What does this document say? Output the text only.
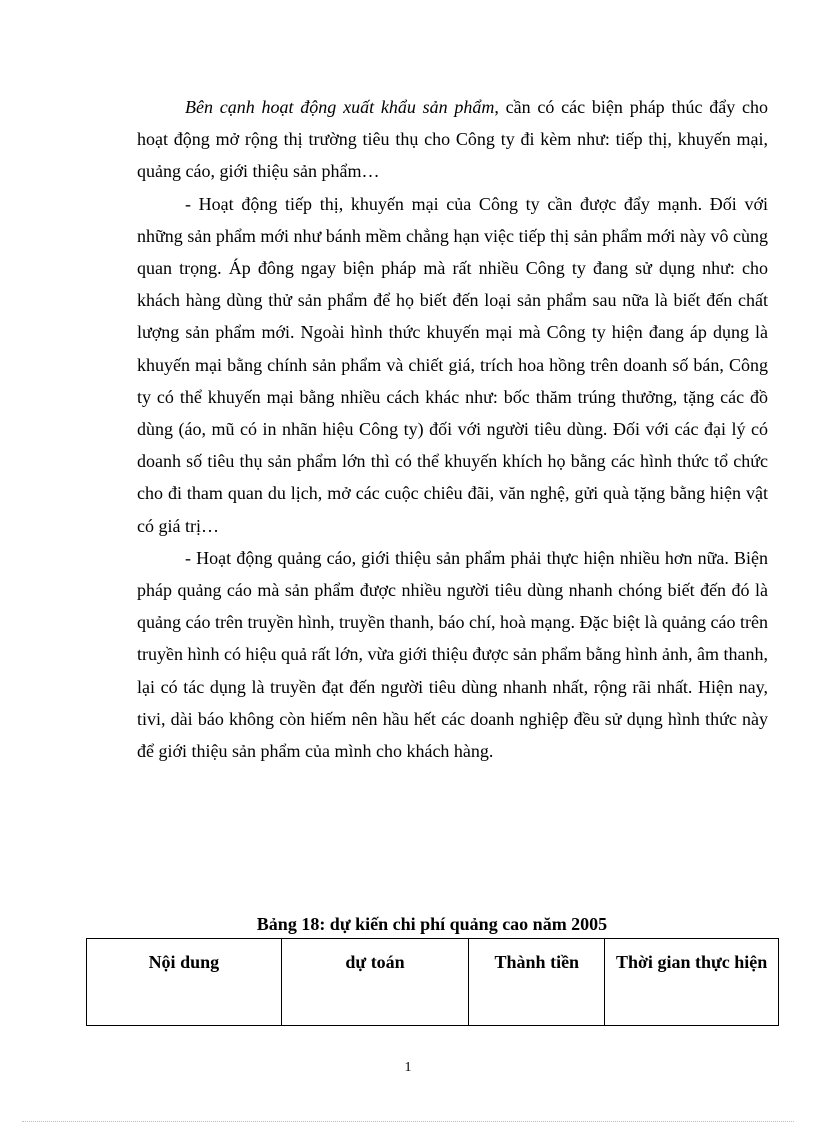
Bên cạnh hoạt động xuất khẩu sản phẩm, cần có các biện pháp thúc đẩy cho hoạt động mở rộng thị trường tiêu thụ cho Công ty đi kèm như: tiếp thị, khuyến mại, quảng cáo, giới thiệu sản phẩm…

- Hoạt động tiếp thị, khuyến mại của Công ty cần được đẩy mạnh. Đối với những sản phẩm mới như bánh mềm chẳng hạn việc tiếp thị sản phẩm mới này vô cùng quan trọng. Áp đông ngay biện pháp mà rất nhiều Công ty đang sử dụng như: cho khách hàng dùng thử sản phẩm để họ biết đến loại sản phẩm sau nữa là biết đến chất lượng sản phẩm mới. Ngoài hình thức khuyến mại mà Công ty hiện đang áp dụng là khuyến mại bằng chính sản phẩm và chiết giá, trích hoa hồng trên doanh số bán, Công ty có thể khuyến mại bằng nhiều cách khác như: bốc thăm trúng thưởng, tặng các đồ dùng (áo, mũ có in nhãn hiệu Công ty) đối với người tiêu dùng. Đối với các đại lý có doanh số tiêu thụ sản phẩm lớn thì có thể khuyến khích họ bằng các hình thức tổ chức cho đi tham quan du lịch, mở các cuộc chiêu đãi, văn nghệ, gửi quà tặng bằng hiện vật có giá trị…

- Hoạt động quảng cáo, giới thiệu sản phẩm phải thực hiện nhiều hơn nữa. Biện pháp quảng cáo mà sản phẩm được nhiều người tiêu dùng nhanh chóng biết đến đó là quảng cáo trên truyền hình, truyền thanh, báo chí, hoà mạng. Đặc biệt là quảng cáo trên truyền hình có hiệu quả rất lớn, vừa giới thiệu được sản phẩm bằng hình ảnh, âm thanh, lại có tác dụng là truyền đạt đến người tiêu dùng nhanh nhất, rộng rãi nhất. Hiện nay, tivi, dài báo không còn hiếm nên hầu hết các doanh nghiệp đều sử dụng hình thức này để giới thiệu sản phẩm của mình cho khách hàng.

Bảng 18: dự kiến chi phí quảng cao năm 2005
Nội dung	dự toán	Thành tiền	Thời gian thực hiện
1
